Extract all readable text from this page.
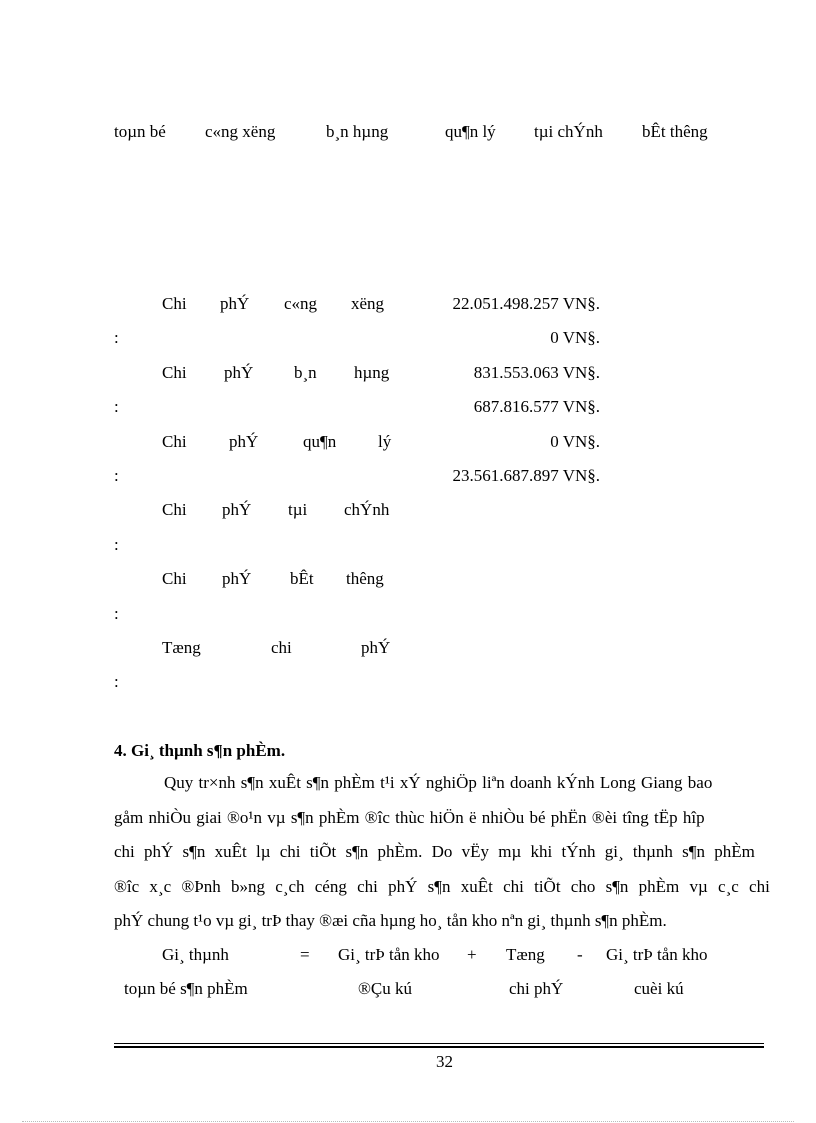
toµn bé c«ng xëng	b¸n hµng	qu¶n lý tµi chÝnh bÊt thêng
Chi phÝ c«ng xëng	22.051.498.257 VN§.
:	0 VN§.
Chi phÝ b¸n hµng	831.553.063 VN§.
:	687.816.577 VN§.
Chi phÝ	qu¶n lý	0 VN§.
:	23.561.687.897 VN§.
Chi phÝ tµi chÝnh
:
Chi phÝ bÊt thêng
:
Tæng	chi	phÝ
:
4. Gi¸ thµnh s¶n phÈm.
Quy tr×nh s¶n xuÊt s¶n phÈm t¹i xÝ nghiÖp liªn doanh kÝnh Long Giang bao
gåm nhiÒu giai ®o¹n vµ s¶n phÈm ®îc thùc hiÖn ë nhiÒu bé phËn ®èi tîng tËp hîp
chi phÝ s¶n xuÊt lµ chi tiÕt s¶n phÈm. Do vËy mµ khi tÝnh gi¸ thµnh s¶n phÈm
®îc x¸c ®Þnh b»ng c¸ch céng chi phÝ s¶n xuÊt chi tiÕt cho s¶n phÈm vµ c¸c chi
phÝ chung t¹o vµ gi¸ trÞ thay ®æi cña hµng ho¸ tån kho nªn gi¸ thµnh s¶n phÈm.
Gi¸ thµnh	= Gi¸ trÞ tån kho + Tæng - Gi¸ trÞ tån kho
toµn bé s¶n phÈm	®Çu kú	chi phÝ	cuèi kú
32
